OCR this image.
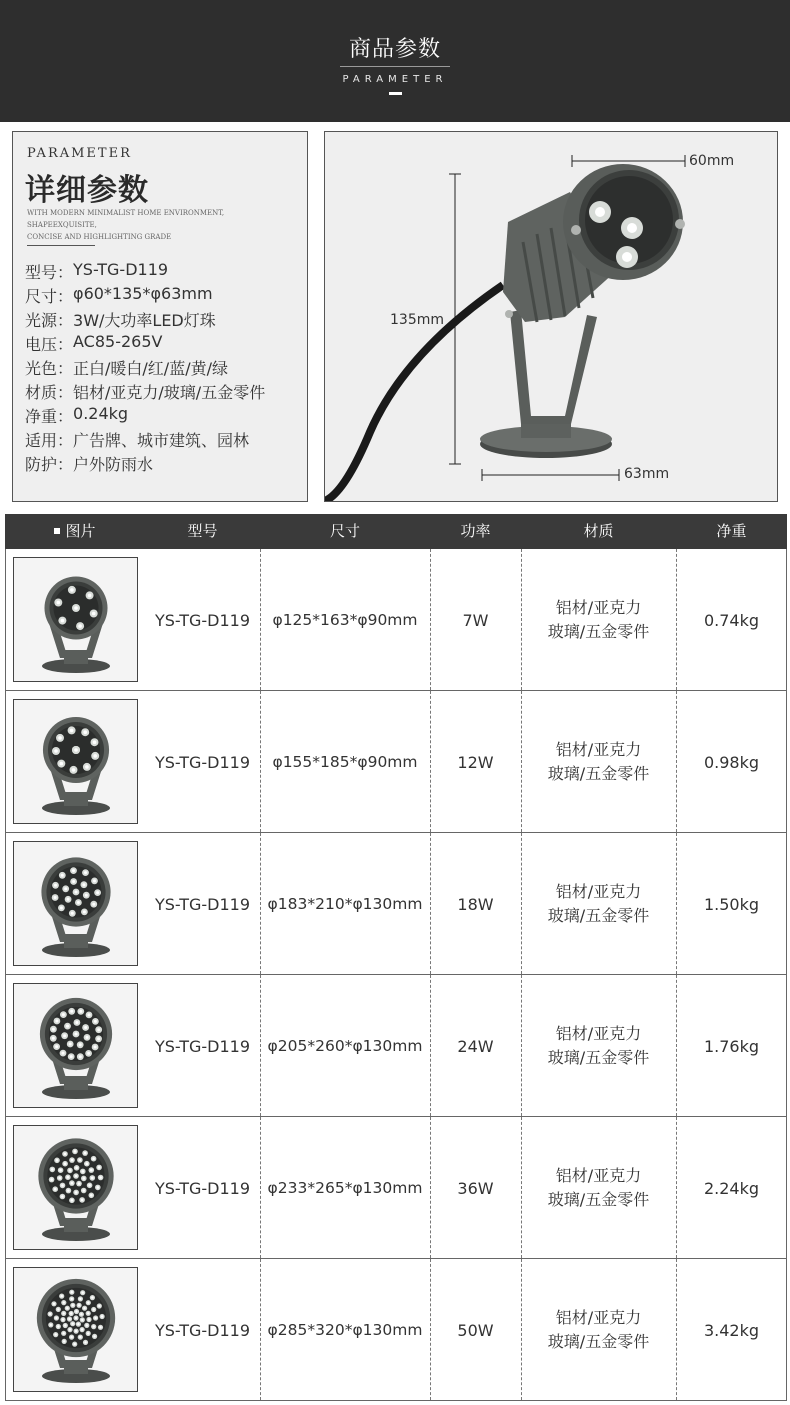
商品参数
PARAMETER
PARAMETER
详细参数
WITH MODERN MINIMALIST HOME ENVIRONMENT,
SHAPEEXQUISITE,
CONCISE AND HIGHLIGHTING GRADE
型号： YS-TG-D119
尺寸： φ60*135*φ63mm
光源： 3W/大功率LED灯珠
电压： AC85-265V
光色： 正白/暖白/红/蓝/黄/绿
材质： 铝材/亚克力/玻璃/五金零件
净重： 0.24kg
适用： 广告牌、城市建筑、园林
防护： 户外防雨水
60mm
135mm
63mm
图片	型号	尺寸	功率	材质	净重
YS-TG-D119	φ125*163*φ90mm	7W
铝材/亚克力
玻璃/五金零件
0.74kg
YS-TG-D119	φ155*185*φ90mm	12W
铝材/亚克力
玻璃/五金零件
0.98kg
YS-TG-D119	φ183*210*φ130mm	18W
铝材/亚克力
玻璃/五金零件
1.50kg
YS-TG-D119	φ205*260*φ130mm	24W
铝材/亚克力
玻璃/五金零件
1.76kg
YS-TG-D119	φ233*265*φ130mm	36W
铝材/亚克力
玻璃/五金零件
2.24kg
YS-TG-D119	φ285*320*φ130mm	50W
铝材/亚克力
玻璃/五金零件
3.42kg
